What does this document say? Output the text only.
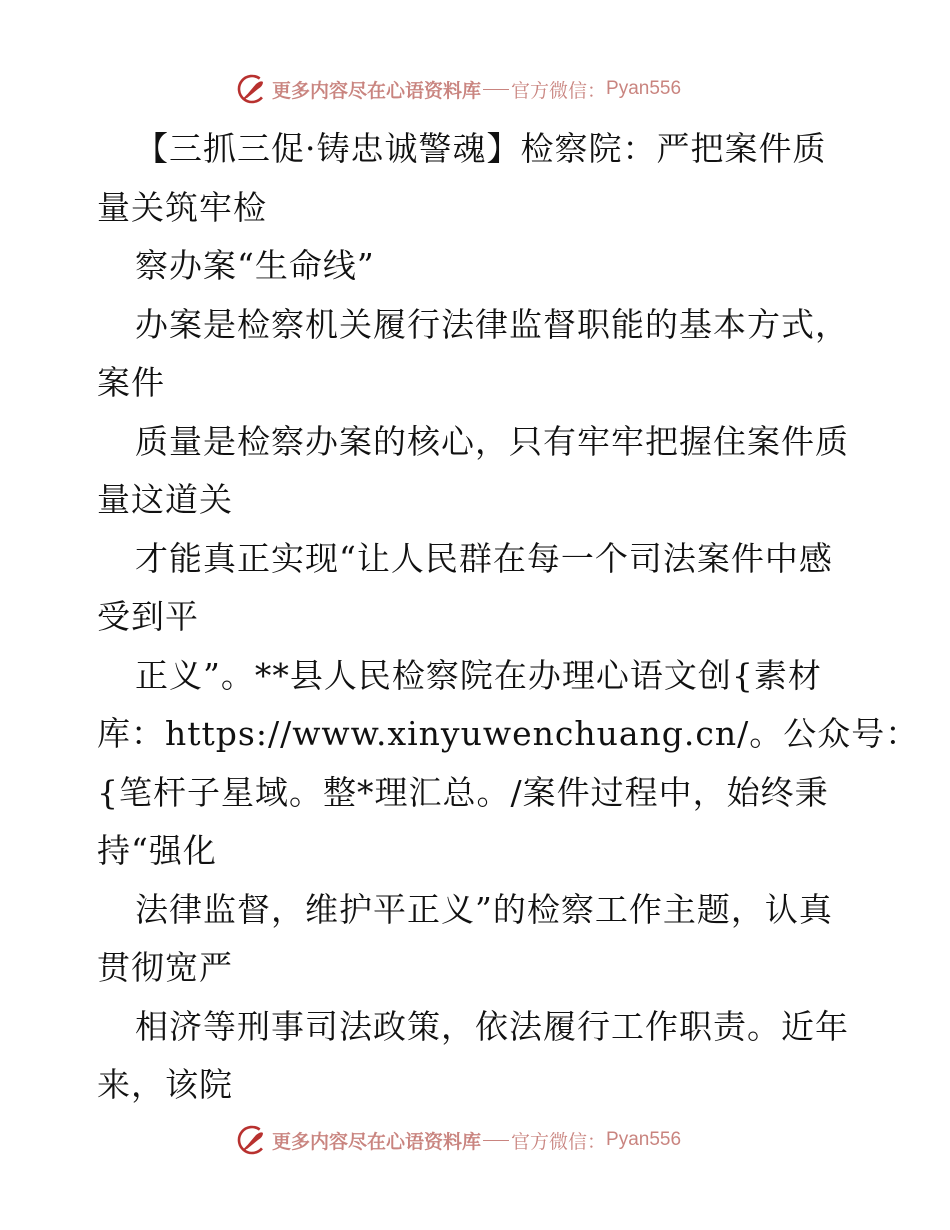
更多内容尽在心语资料库 官方微信： Pyan556
【三抓三促·铸忠诚警魂】检察院：严把案件质
量关筑牢检
察办案“生命线”
办案是检察机关履行法律监督职能的基本方式，
案件
质量是检察办案的核心，只有牢牢把握住案件质
量这道关
才能真正实现“让人民群在每一个司法案件中感
受到平
正义”。**县人民检察院在办理心语文创{素材
库：https://www.xinyuwenchuang.cn/。公众号：
{笔杆子星域。整*理汇总。/案件过程中，始终秉
持“强化
法律监督，维护平正义”的检察工作主题，认真
贯彻宽严
相济等刑事司法政策，依法履行工作职责。近年
来，该院
更多内容尽在心语资料库 官方微信： Pyan556
